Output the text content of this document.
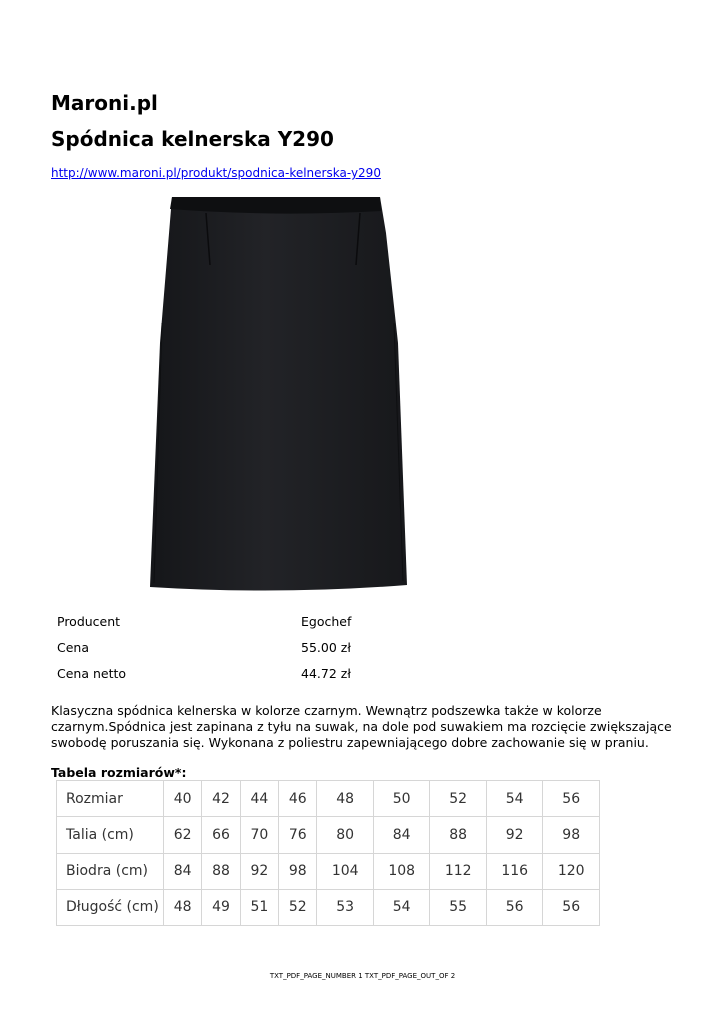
Maroni.pl
Spódnica kelnerska Y290
http://www.maroni.pl/produkt/spodnica-kelnerska-y290
Producent	Egochef
Cena	55.00 zł
Cena netto	44.72 zł

Klasyczna spódnica kelnerska w kolorze czarnym. Wewnątrz podszewka także w kolorze czarnym.Spódnica jest zapinana z tyłu na suwak, na dole pod suwakiem ma rozcięcie zwiększające swobodę poruszania się. Wykonana z poliestru zapewniającego dobre zachowanie się w praniu.

Tabela rozmiarów*:
Rozmiar	40	42	44	46	48	50	52	54	56
Talia (cm)	62	66	70	76	80	84	88	92	98
Biodra (cm)	84	88	92	98	104	108	112	116	120
Długość (cm)	48	49	51	52	53	54	55	56	56
TXT_PDF_PAGE_NUMBER 1 TXT_PDF_PAGE_OUT_OF 2
